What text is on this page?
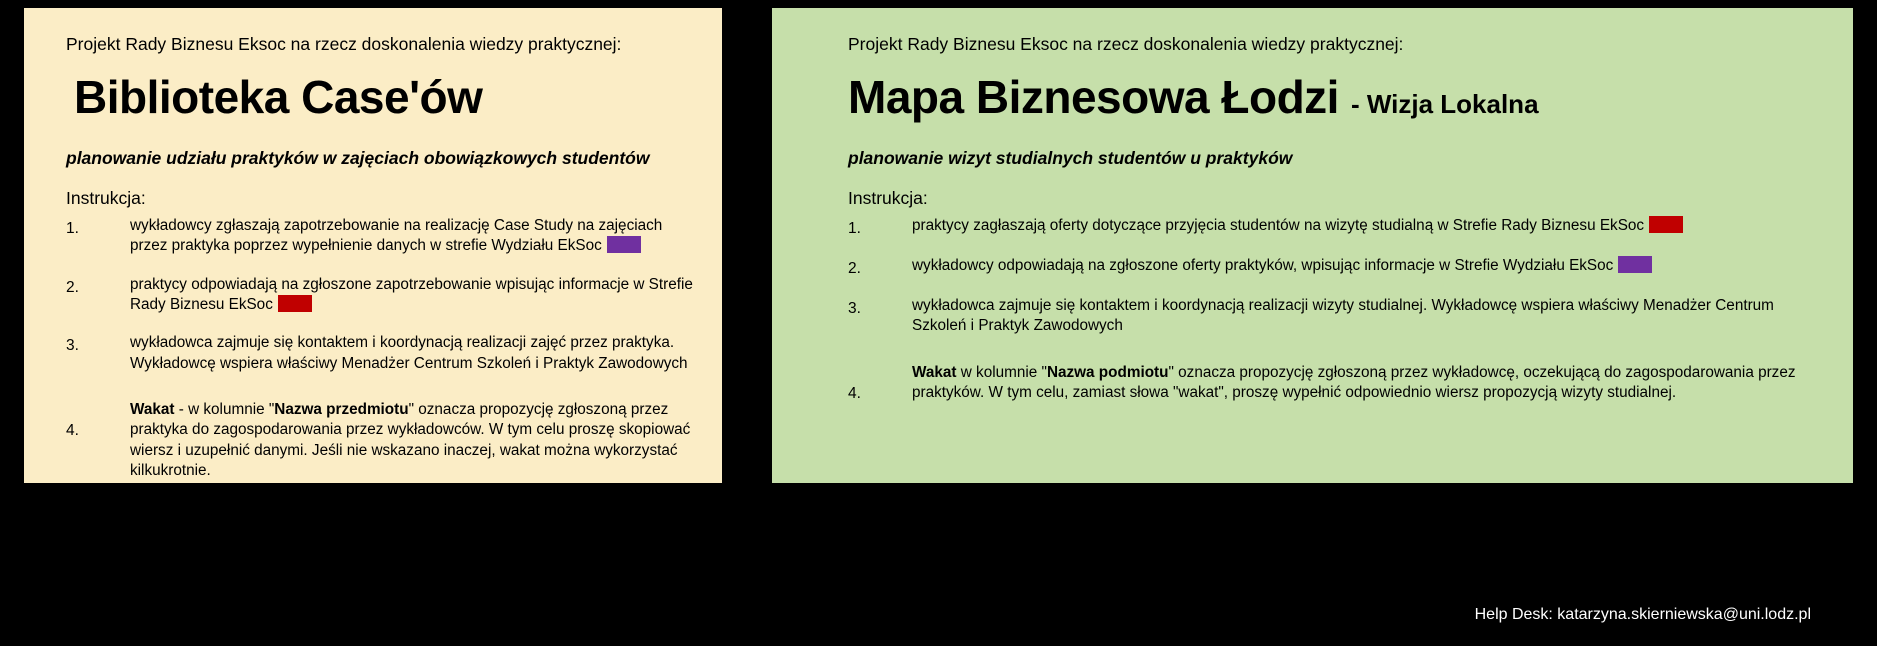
Projekt Rady Biznesu Eksoc na rzecz doskonalenia wiedzy praktycznej:
Biblioteka Case'ów
planowanie udziału praktyków w zajęciach obowiązkowych studentów
Instrukcja:
1.	wykładowcy zgłaszają zapotrzebowanie na realizację Case Study na zajęciach przez praktyka poprzez wypełnienie danych w strefie Wydziału EkSoc
2.	praktycy odpowiadają na zgłoszone zapotrzebowanie wpisując informacje w Strefie Rady Biznesu EkSoc
3.	wykładowca zajmuje się kontaktem i koordynacją realizacji zajęć przez praktyka. Wykładowcę wspiera właściwy Menadżer Centrum Szkoleń i Praktyk Zawodowych
4.
Wakat - w kolumnie "Nazwa przedmiotu" oznacza propozycję zgłoszoną przez praktyka do zagospodarowania przez wykładowców. W tym celu proszę skopiować wiersz i uzupełnić danymi. Jeśli nie wskazano inaczej, wakat można wykorzystać kilkukrotnie.
Projekt Rady Biznesu Eksoc na rzecz doskonalenia wiedzy praktycznej:
Mapa Biznesowa Łodzi - Wizja Lokalna
planowanie wizyt studialnych studentów u praktyków
Instrukcja:
1.	praktycy zagłaszają oferty dotyczące przyjęcia studentów na wizytę studialną w Strefie Rady Biznesu EkSoc
2.	wykładowcy odpowiadają na zgłoszone oferty praktyków, wpisując informacje w Strefie Wydziału EkSoc
3.	wykładowca zajmuje się kontaktem i koordynacją realizacji wizyty studialnej. Wykładowcę wspiera właściwy Menadżer Centrum Szkoleń i Praktyk Zawodowych
4.
Wakat w kolumnie "Nazwa podmiotu" oznacza propozycję zgłoszoną przez wykładowcę, oczekującą do zagospodarowania przez praktyków. W tym celu, zamiast słowa "wakat", proszę wypełnić odpowiednio wiersz propozycją wizyty studialnej.
Help Desk: katarzyna.skierniewska@uni.lodz.pl
